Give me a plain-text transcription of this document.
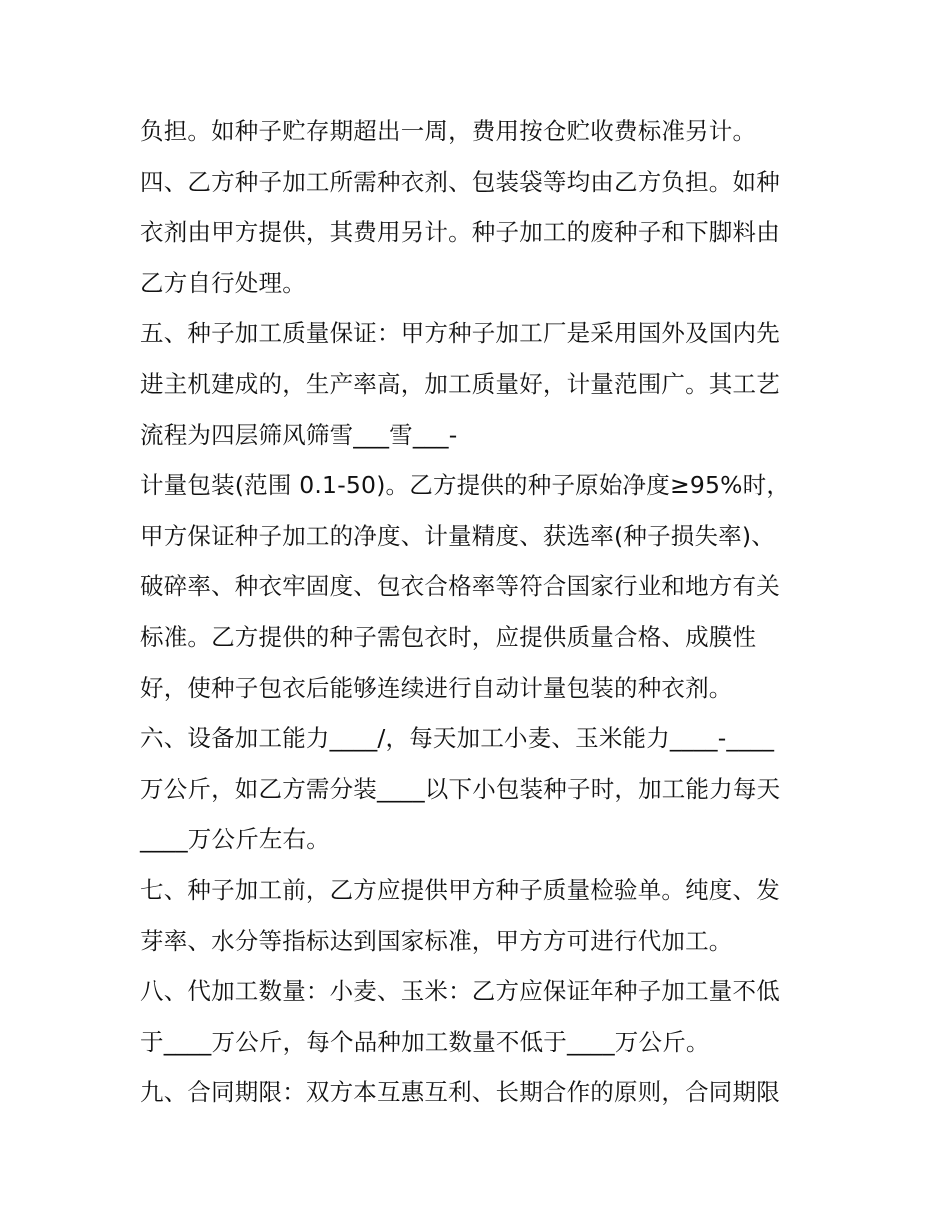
负担。如种子贮存期超出一周，费用按仓贮收费标准另计。
四、乙方种子加工所需种衣剂、包装袋等均由乙方负担。如种
衣剂由甲方提供，其费用另计。种子加工的废种子和下脚料由
乙方自行处理。
五、种子加工质量保证：甲方种子加工厂是采用国外及国内先
进主机建成的，生产率高，加工质量好，计量范围广。其工艺
流程为四层筛风筛雪___雪___-
计量包装(范围 0.1-50)。乙方提供的种子原始净度≥95%时，
甲方保证种子加工的净度、计量精度、获选率(种子损失率)、
破碎率、种衣牢固度、包衣合格率等符合国家行业和地方有关
标准。乙方提供的种子需包衣时，应提供质量合格、成膜性
好，使种子包衣后能够连续进行自动计量包装的种衣剂。
六、设备加工能力____/，每天加工小麦、玉米能力____-____
万公斤，如乙方需分装____以下小包装种子时，加工能力每天
____万公斤左右。
七、种子加工前，乙方应提供甲方种子质量检验单。纯度、发
芽率、水分等指标达到国家标准，甲方方可进行代加工。
八、代加工数量：小麦、玉米：乙方应保证年种子加工量不低
于____万公斤，每个品种加工数量不低于____万公斤。
九、合同期限：双方本互惠互利、长期合作的原则，合同期限
